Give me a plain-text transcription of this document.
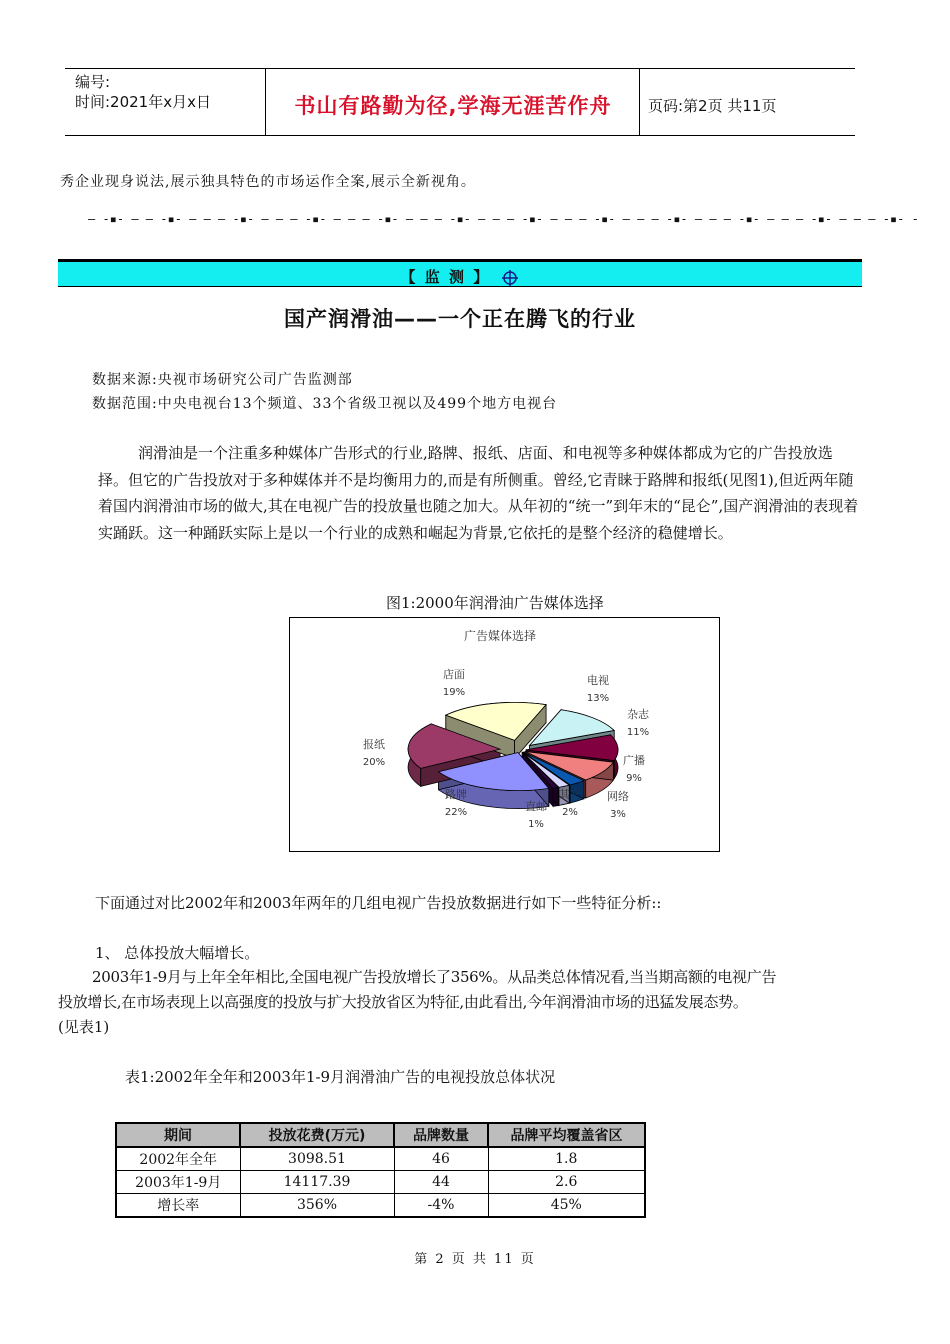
编号:
时间:2021年x月x日	书山有路勤为径,学海无涯苦作舟	页码:第2页 共11页
秀企业现身说法,展示独具特色的市场运作全案,展示全新视角。
— -▪- — — -▪- — — — -▪- — — — -▪- — — — -▪- — — — -▪- — — — -▪- — — — -▪- — — — -▪- — — — -▪- — — — -▪- — — — -▪- -
【 监 测 】
国产润滑油——一个正在腾飞的行业
数据来源:央视市场研究公司广告监测部
数据范围:中央电视台13个频道、33个省级卫视以及499个地方电视台
润滑油是一个注重多种媒体广告形式的行业,路牌、报纸、店面、和电视等多种媒体都成为它的广告投放选择。但它的广告投放对于多种媒体并不是均衡用力的,而是有所侧重。曾经,它青睐于路牌和报纸(见图1),但近两年随着国内润滑油市场的做大,其在电视广告的投放量也随之加大。从年初的“统一”到年末的“昆仑”,国产润滑油的表现着实踊跃。这一种踊跃实际上是以一个行业的成熟和崛起为背景,它依托的是整个经济的稳健增长。
图1:2000年润滑油广告媒体选择
广告媒体选择
电视
13%
杂志
11%
广播
9%
网络
3%
其它
2%
直邮
1%
路牌
22%
报纸
20%
店面
19%
下面通过对比2002年和2003年两年的几组电视广告投放数据进行如下一些特征分析::
1、 总体投放大幅增长。
2003年1-9月与上年全年相比,全国电视广告投放增长了356%。从品类总体情况看,当当期高额的电视广告
投放增长,在市场表现上以高强度的投放与扩大投放省区为特征,由此看出,今年润滑油市场的迅猛发展态势。
(见表1)
表1:2002年全年和2003年1-9月润滑油广告的电视投放总体状况
期间	投放花费(万元)	品牌数量	品牌平均覆盖省区
2002年全年	3098.51	46	1.8
2003年1-9月	14117.39	44	2.6
增长率	356%	-4%	45%
第 2 页 共 11 页
